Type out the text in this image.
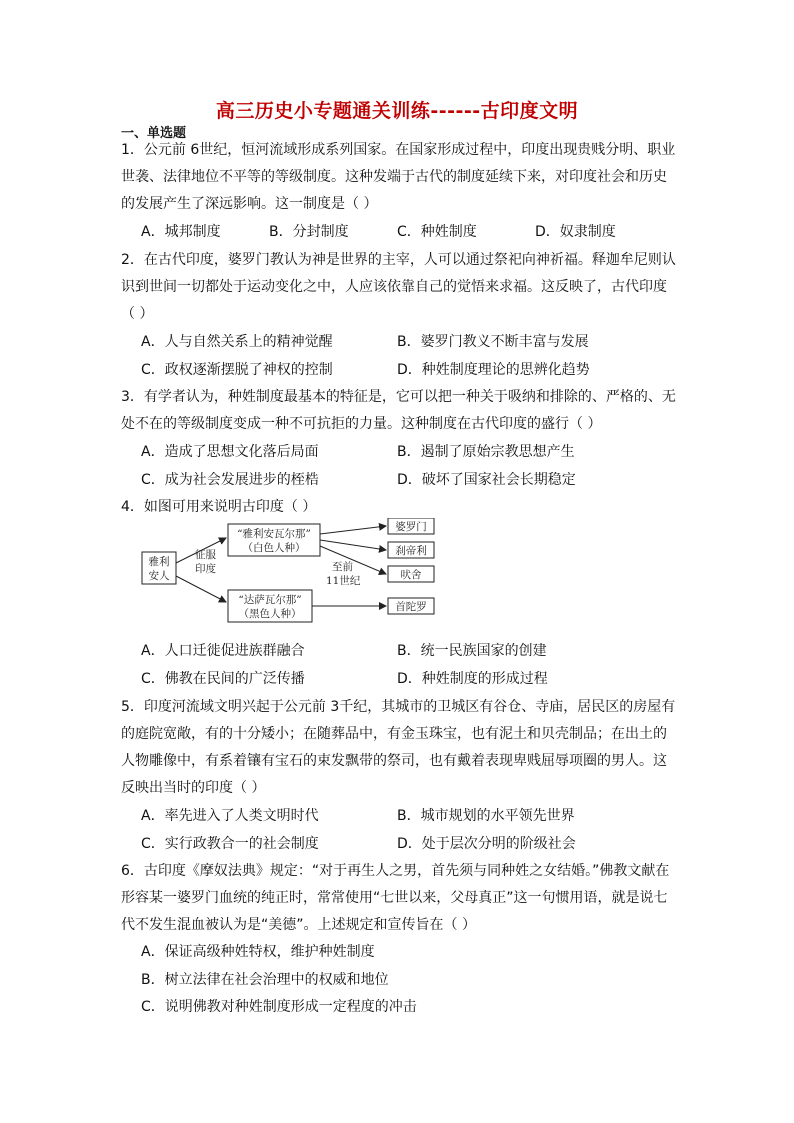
高三历史小专题通关训练------古印度文明
一、单选题
1．公元前 6世纪，恒河流域形成系列国家。在国家形成过程中，印度出现贵贱分明、职业
世袭、法律地位不平等的等级制度。这种发端于古代的制度延续下来，对印度社会和历史
的发展产生了深远影响。这一制度是（ ）
A．城邦制度	B．分封制度	C．种姓制度	D．奴隶制度
2．在古代印度，婆罗门教认为神是世界的主宰，人可以通过祭祀向神祈福。释迦牟尼则认
识到世间一切都处于运动变化之中，人应该依靠自己的觉悟来求福。这反映了，古代印度
（ ）
A．人与自然关系上的精神觉醒	B．婆罗门教义不断丰富与发展
C．政权逐渐摆脱了神权的控制	D．种姓制度理论的思辨化趋势
3．有学者认为，种姓制度最基本的特征是，它可以把一种关于吸纳和排除的、严格的、无
处不在的等级制度变成一种不可抗拒的力量。这种制度在古代印度的盛行（ ）
A．造成了思想文化落后局面	B．遏制了原始宗教思想产生
C．成为社会发展进步的桎梏	D．破坏了国家社会长期稳定
4．如图可用来说明古印度（ ）
雅利
安人
征服
印度
“雅利安瓦尔那”
（白色人种）
“达萨瓦尔那”
（黑色人种）
至前
11世纪
婆罗门
刹帝利
吠舍
首陀罗
A．人口迁徙促进族群融合	B．统一民族国家的创建
C．佛教在民间的广泛传播	D．种姓制度的形成过程
5．印度河流域文明兴起于公元前 3千纪，其城市的卫城区有谷仓、寺庙，居民区的房屋有
的庭院宽敞，有的十分矮小；在随葬品中，有金玉珠宝，也有泥土和贝壳制品；在出土的
人物雕像中，有系着镶有宝石的束发飘带的祭司，也有戴着表现卑贱屈辱项圈的男人。这
反映出当时的印度（ ）
A．率先进入了人类文明时代	B．城市规划的水平领先世界
C．实行政教合一的社会制度	D．处于层次分明的阶级社会
6．古印度《摩奴法典》规定：“对于再生人之男，首先须与同种姓之女结婚。”佛教文献在
形容某一婆罗门血统的纯正时，常常使用“七世以来，父母真正”这一句惯用语，就是说七
代不发生混血被认为是“美德”。上述规定和宣传旨在（ ）
A．保证高级种姓特权，维护种姓制度
B．树立法律在社会治理中的权威和地位
C．说明佛教对种姓制度形成一定程度的冲击
